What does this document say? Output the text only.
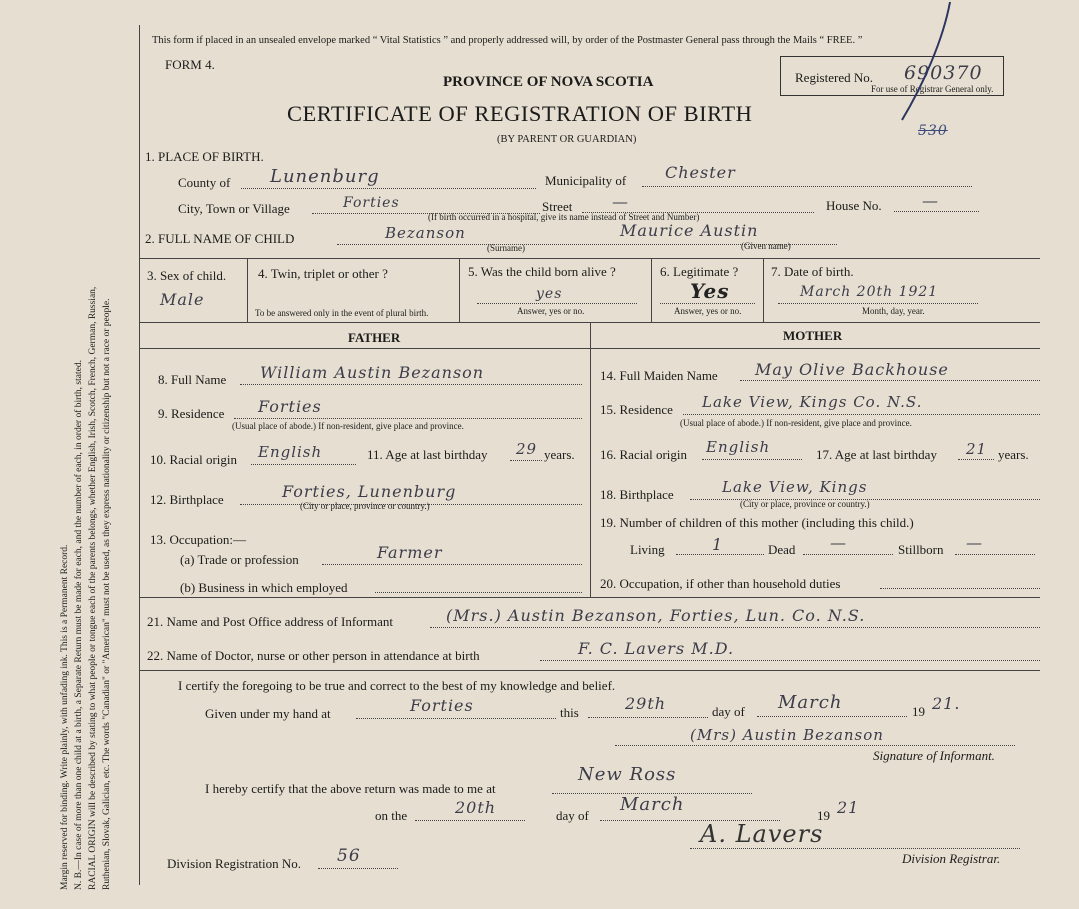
Margin reserved for binding. Write plainly, with unfading ink. This is a Permanent Record. N. B.—In case of more than one child at a birth, a Separate Return must be made for each, and the number of each, in order of birth, stated. RACIAL ORIGIN will be described by stating to what people or tongue each of the parents belongs, whether English, Irish, Scotch, French, German, Russian, Ruthenian, Slovak, Galician, etc. The words "Canadian" or "American" must not be used, as they express nationality or citizenship but not a race or people.
This form if placed in an unsealed envelope marked “ Vital Statistics ” and properly addressed will, by order of the Postmaster General pass through the Mails “ FREE. ”
FORM 4.
PROVINCE OF NOVA SCOTIA
CERTIFICATE OF REGISTRATION OF BIRTH
(BY PARENT OR GUARDIAN)
Registered No. 690370
For use of Registrar General only.
530
1. PLACE OF BIRTH.
County of Lunenburg	Municipality of Chester
City, Town or Village	Forties	Street —	House No.	—
(If birth occurred in a hospital, give its name instead of Street and Number)
2. FULL NAME OF CHILD	Bezanson
(Surname)
Maurice Austin
(Given name)
3. Sex of child.
Male
4. Twin, triplet or other ?
To be answered only in the event of plural birth.
5. Was the child born alive ?
yes
Answer, yes or no.
6. Legitimate ?
Yes
Answer, yes or no.
7. Date of birth.
March 20th 1921
Month, day, year.
FATHER	MOTHER
8. Full Name William Austin Bezanson
9. Residence Forties
(Usual place of abode.) If non-resident, give place and province.
10. Racial origin English	11. Age at last birthday 29 years.
12. Birthplace	Forties, Lunenburg
(City or place, province or country.)
13. Occupation:—
(a) Trade or profession	Farmer
(b) Business in which employed
14. Full Maiden Name May Olive Backhouse
15. Residence Lake View, Kings Co. N.S.
(Usual place of abode.) If non-resident, give place and province.
16. Racial origin English	17. Age at last birthday 21 years.
18. Birthplace	Lake View, Kings
(City or place, province or country.)
19. Number of children of this mother (including this child.)
Living	1	Dead —	Stillborn —
20. Occupation, if other than household duties
21. Name and Post Office address of Informant	(Mrs.) Austin Bezanson, Forties, Lun. Co. N.S.
22. Name of Doctor, nurse or other person in attendance at birth	F. C. Lavers M.D.
I certify the foregoing to be true and correct to the best of my knowledge and belief.
Given under my hand at	Forties	this	29th	day of March	19 21.
(Mrs) Austin Bezanson
Signature of Informant.
I hereby certify that the above return was made to me at
New Ross
on the	20th	day of
March
19 21
A. Lavers
Division Registrar.
Division Registration No. 56
